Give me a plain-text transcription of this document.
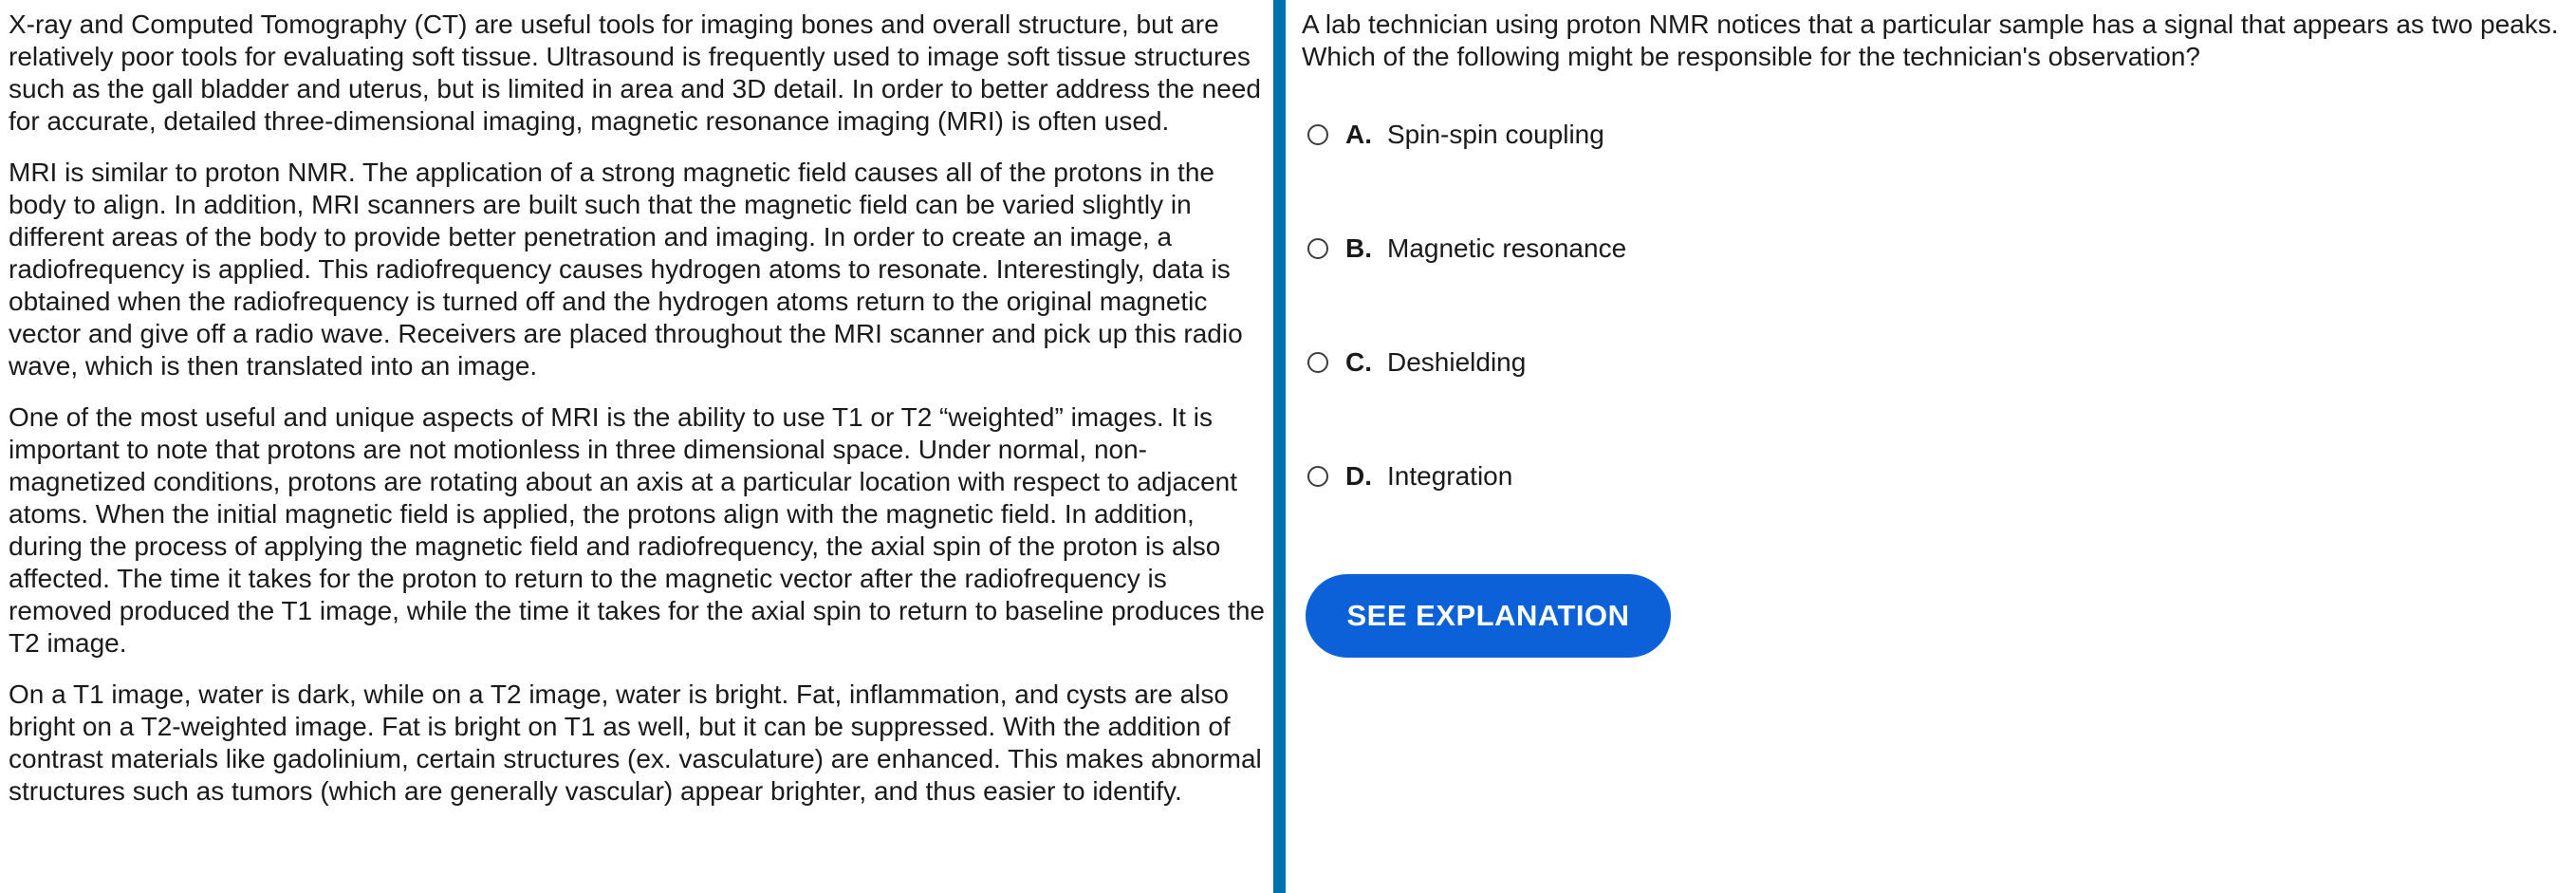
X-ray and Computed Tomography (CT) are useful tools for imaging bones and overall structure, but are relatively poor tools for evaluating soft tissue. Ultrasound is frequently used to image soft tissue structures such as the gall bladder and uterus, but is limited in area and 3D detail. In order to better address the need for accurate, detailed three-dimensional imaging, magnetic resonance imaging (MRI) is often used.

MRI is similar to proton NMR. The application of a strong magnetic field causes all of the protons in the body to align. In addition, MRI scanners are built such that the magnetic field can be varied slightly in different areas of the body to provide better penetration and imaging. In order to create an image, a radiofrequency is applied. This radiofrequency causes hydrogen atoms to resonate. Interestingly, data is obtained when the radiofrequency is turned off and the hydrogen atoms return to the original magnetic vector and give off a radio wave. Receivers are placed throughout the MRI scanner and pick up this radio wave, which is then translated into an image.

One of the most useful and unique aspects of MRI is the ability to use T1 or T2 “weighted” images. It is important to note that protons are not motionless in three dimensional space. Under normal, non-magnetized conditions, protons are rotating about an axis at a particular location with respect to adjacent atoms. When the initial magnetic field is applied, the protons align with the magnetic field. In addition, during the process of applying the magnetic field and radiofrequency, the axial spin of the proton is also affected. The time it takes for the proton to return to the magnetic vector after the radiofrequency is removed produced the T1 image, while the time it takes for the axial spin to return to baseline produces the T2 image.

On a T1 image, water is dark, while on a T2 image, water is bright. Fat, inflammation, and cysts are also bright on a T2-weighted image. Fat is bright on T1 as well, but it can be suppressed. With the addition of contrast materials like gadolinium, certain structures (ex. vasculature) are enhanced. This makes abnormal structures such as tumors (which are generally vascular) appear brighter, and thus easier to identify.

A lab technician using proton NMR notices that a particular sample has a signal that appears as two peaks. Which of the following might be responsible for the technician's observation?

A. Spin-spin coupling
B. Magnetic resonance
C. Deshielding
D. Integration
SEE EXPLANATION
